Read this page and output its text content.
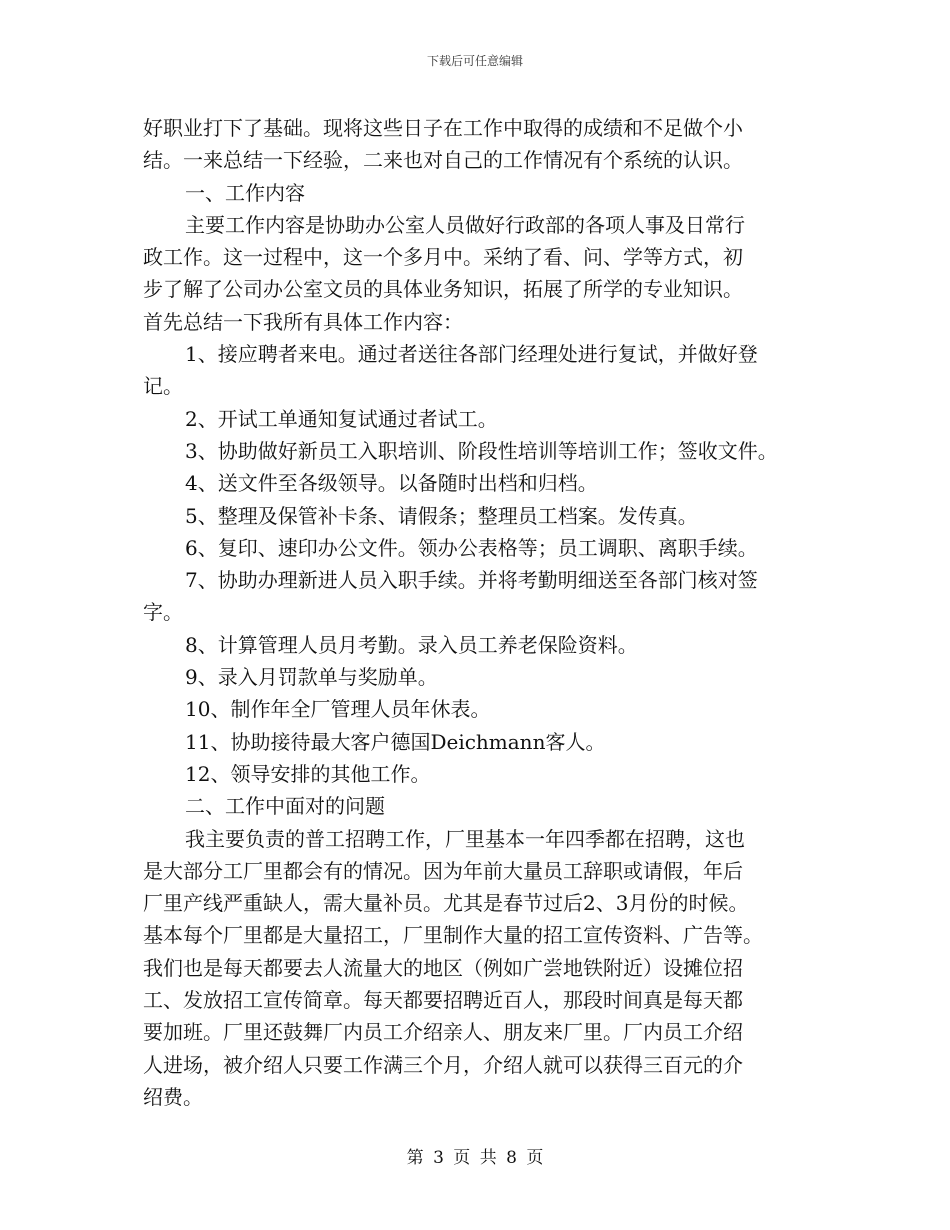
下载后可任意编辑
好职业打下了基础。现将这些日子在工作中取得的成绩和不足做个小
结。一来总结一下经验，二来也对自己的工作情况有个系统的认识。
一、工作内容
主要工作内容是协助办公室人员做好行政部的各项人事及日常行
政工作。这一过程中，这一个多月中。采纳了看、问、学等方式，初
步了解了公司办公室文员的具体业务知识，拓展了所学的专业知识。
首先总结一下我所有具体工作内容：
1、接应聘者来电。通过者送往各部门经理处进行复试，并做好登
记。
2、开试工单通知复试通过者试工。
3、协助做好新员工入职培训、阶段性培训等培训工作；签收文件。
4、送文件至各级领导。以备随时出档和归档。
5、整理及保管补卡条、请假条；整理员工档案。发传真。
6、复印、速印办公文件。领办公表格等；员工调职、离职手续。
7、协助办理新进人员入职手续。并将考勤明细送至各部门核对签
字。
8、计算管理人员月考勤。录入员工养老保险资料。
9、录入月罚款单与奖励单。
10、制作年全厂管理人员年休表。
11、协助接待最大客户德国Deichmann客人。
12、领导安排的其他工作。
二、工作中面对的问题
我主要负责的普工招聘工作，厂里基本一年四季都在招聘，这也
是大部分工厂里都会有的情况。因为年前大量员工辞职或请假，年后
厂里产线严重缺人，需大量补员。尤其是春节过后2、3月份的时候。
基本每个厂里都是大量招工，厂里制作大量的招工宣传资料、广告等。
我们也是每天都要去人流量大的地区（例如广尝地铁附近）设摊位招
工、发放招工宣传简章。每天都要招聘近百人，那段时间真是每天都
要加班。厂里还鼓舞厂内员工介绍亲人、朋友来厂里。厂内员工介绍
人进场，被介绍人只要工作满三个月，介绍人就可以获得三百元的介
绍费。
第 3 页 共 8 页
